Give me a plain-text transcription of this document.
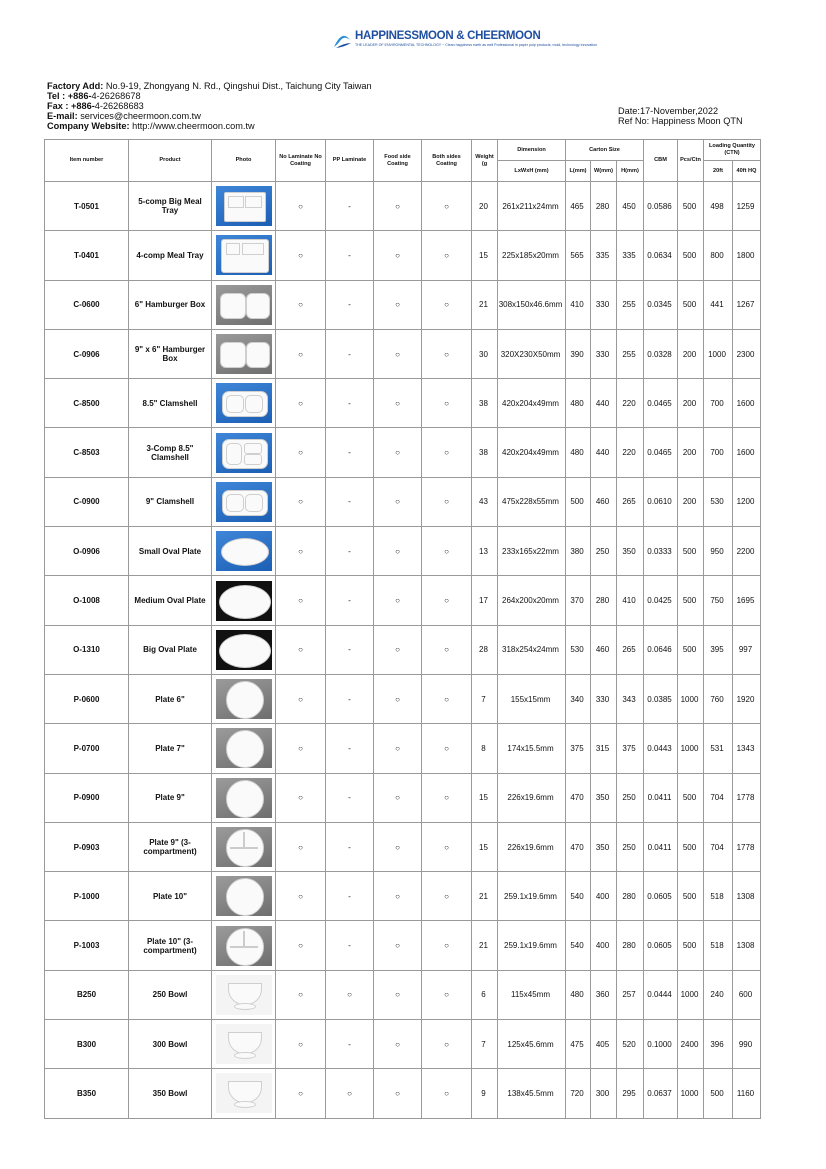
HAPPINESSMOON & CHEERMOON
THE LEADER OF ENVIRONMENTAL TECHNOLOGY ~ Clean happiness earth as well Professional in paper pulp products, mold, technology innovation
Factory Add: No.9-19, Zhongyang N. Rd., Qingshui Dist., Taichung City Taiwan
Tel : +886-4-26268678
Fax : +886-4-26268683
E-mail: services@cheermoon.com.tw
Company Website: http://www.cheermoon.com.tw
Date:17-November,2022
Ref No: Happiness Moon QTN
Item number	Product	Photo	No Laminate No Coating	PP Laminate	Food side Coating	Both sides Coating	Weight (g	Dimension	Carton Size			CBM	Pcs/Ctn	Loading Quantity (CTN)	
								LxWxH (mm)	L(mm)	W(mm)	H(mm)			20ft	40ft HQ
T-0501	5-comp Big Meal Tray		○	-	○	○	20	261x211x24mm	465	280	450	0.0586	500	498	1259
T-0401	4-comp Meal Tray		○	-	○	○	15	225x185x20mm	565	335	335	0.0634	500	800	1800
C-0600	6" Hamburger Box		○	-	○	○	21	308x150x46.6mm	410	330	255	0.0345	500	441	1267
C-0906	9" x 6" Hamburger Box		○	-	○	○	30	320X230X50mm	390	330	255	0.0328	200	1000	2300
C-8500	8.5" Clamshell		○	-	○	○	38	420x204x49mm	480	440	220	0.0465	200	700	1600
C-8503	3-Comp 8.5" Clamshell		○	-	○	○	38	420x204x49mm	480	440	220	0.0465	200	700	1600
C-0900	9" Clamshell		○	-	○	○	43	475x228x55mm	500	460	265	0.0610	200	530	1200
O-0906	Small Oval Plate		○	-	○	○	13	233x165x22mm	380	250	350	0.0333	500	950	2200
O-1008	Medium Oval Plate		○	-	○	○	17	264x200x20mm	370	280	410	0.0425	500	750	1695
O-1310	Big Oval Plate		○	-	○	○	28	318x254x24mm	530	460	265	0.0646	500	395	997
P-0600	Plate 6"		○	-	○	○	7	155x15mm	340	330	343	0.0385	1000	760	1920
P-0700	Plate 7"		○	-	○	○	8	174x15.5mm	375	315	375	0.0443	1000	531	1343
P-0900	Plate 9"		○	-	○	○	15	226x19.6mm	470	350	250	0.0411	500	704	1778
P-0903	Plate 9" (3-compartment)		○	-	○	○	15	226x19.6mm	470	350	250	0.0411	500	704	1778
P-1000	Plate 10"		○	-	○	○	21	259.1x19.6mm	540	400	280	0.0605	500	518	1308
P-1003	Plate 10" (3-compartment)		○	-	○	○	21	259.1x19.6mm	540	400	280	0.0605	500	518	1308
B250	250 Bowl		○	○	○	○	6	115x45mm	480	360	257	0.0444	1000	240	600
B300	300 Bowl		○	-	○	○	7	125x45.6mm	475	405	520	0.1000	2400	396	990
B350	350 Bowl		○	○	○	○	9	138x45.5mm	720	300	295	0.0637	1000	500	1160
